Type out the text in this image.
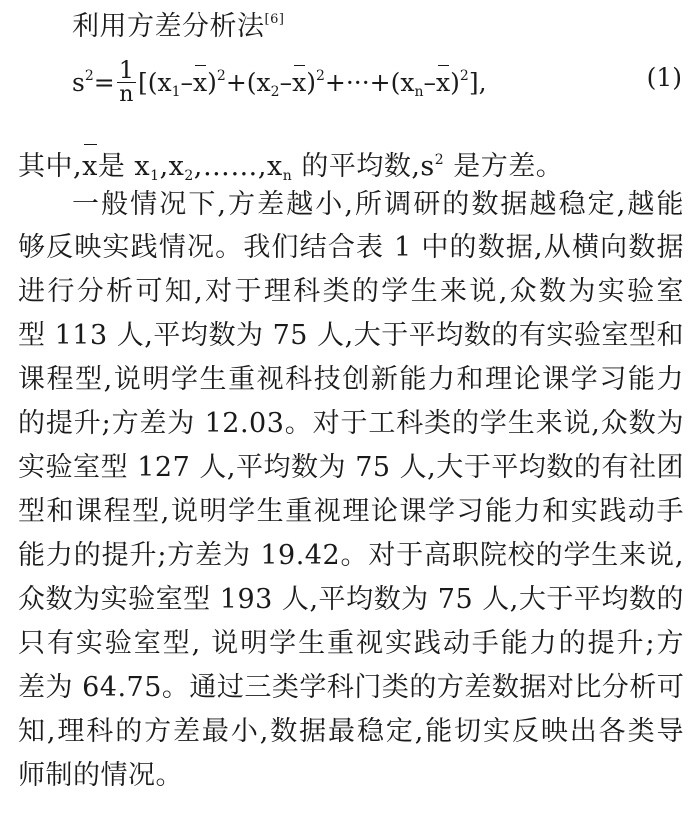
利用方差分析法[6]
$s^2= \frac{1}{n} [(x_1-x)^2+(x_2-x)^2+\cdot\cdot\cdot+(x_n-x)^2]$,	(1)
其中,x是 $x_1,x_2,\dots\dots,x_n$ 的平均数$,s^2$ 是方差。
一般情况下,方差越小,所调研的数据越稳定,越能
够反映实践情况。我们结合表 1 中的数据,从横向数据
进行分析可知,对于理科类的学生来说,众数为实验室
型 113 人,平均数为 75 人,大于平均数的有实验室型和
课程型,说明学生重视科技创新能力和理论课学习能力
的提升;方差为 12.03。对于工科类的学生来说,众数为
实验室型 127 人,平均数为 75 人,大于平均数的有社团
型和课程型,说明学生重视理论课学习能力和实践动手
能力的提升;方差为 19.42。对于高职院校的学生来说,
众数为实验室型 193 人,平均数为 75 人,大于平均数的
只有实验室型, 说明学生重视实践动手能力的提升;方
差为 64.75。通过三类学科门类的方差数据对比分析可
知,理科的方差最小,数据最稳定,能切实反映出各类导
师制的情况。
